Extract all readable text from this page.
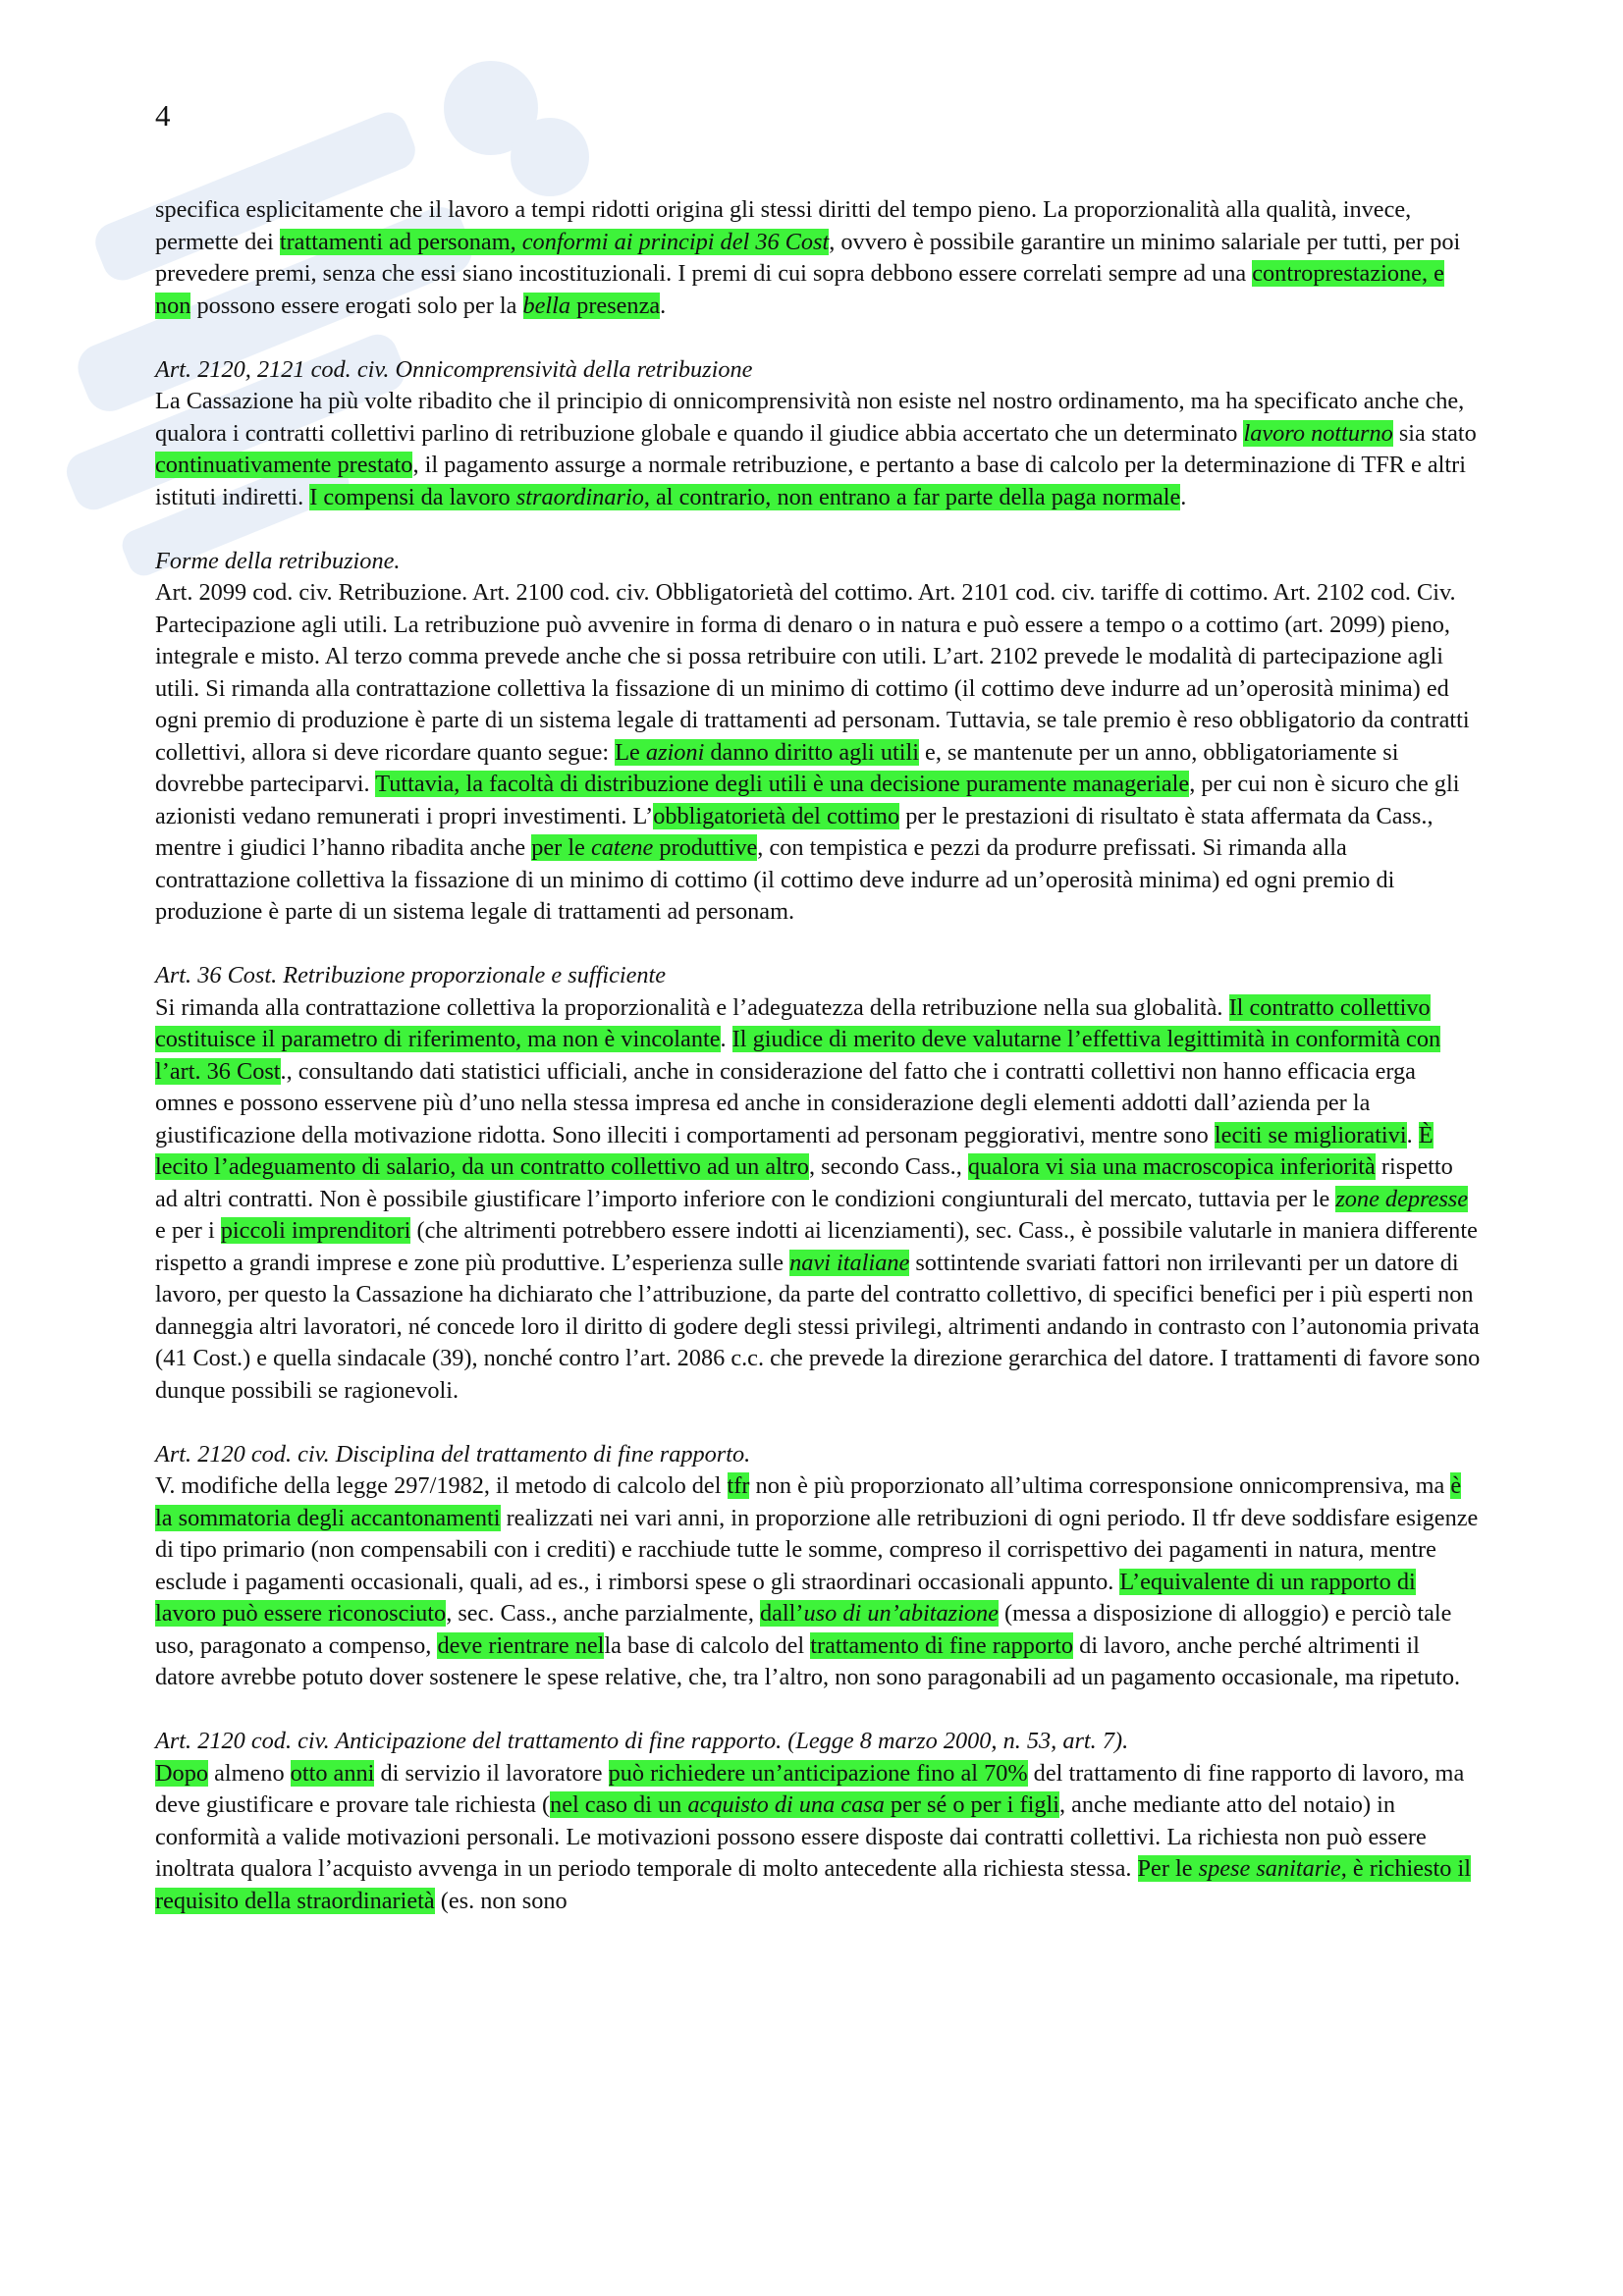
4

specifica esplicitamente che il lavoro a tempi ridotti origina gli stessi diritti del tempo pieno. La proporzionalità alla qualità, invece, permette dei trattamenti ad personam, conformi ai principi del 36 Cost, ovvero è possibile garantire un minimo salariale per tutti, per poi prevedere premi, senza che essi siano incostituzionali. I premi di cui sopra debbono essere correlati sempre ad una controprestazione, e non possono essere erogati solo per la bella presenza.

Art. 2120, 2121 cod. civ. Onnicomprensività della retribuzione

La Cassazione ha più volte ribadito che il principio di onnicomprensività non esiste nel nostro ordinamento, ma ha specificato anche che, qualora i contratti collettivi parlino di retribuzione globale e quando il giudice abbia accertato che un determinato lavoro notturno sia stato continuativamente prestato, il pagamento assurge a normale retribuzione, e pertanto a base di calcolo per la determinazione di TFR e altri istituti indiretti. I compensi da lavoro straordinario, al contrario, non entrano a far parte della paga normale.

Forme della retribuzione.

Art. 2099 cod. civ. Retribuzione. Art. 2100 cod. civ. Obbligatorietà del cottimo. Art. 2101 cod. civ. tariffe di cottimo. Art. 2102 cod. Civ. Partecipazione agli utili. La retribuzione può avvenire in forma di denaro o in natura e può essere a tempo o a cottimo (art. 2099) pieno, integrale e misto. Al terzo comma prevede anche che si possa retribuire con utili. L’art. 2102 prevede le modalità di partecipazione agli utili. Si rimanda alla contrattazione collettiva la fissazione di un minimo di cottimo (il cottimo deve indurre ad un’operosità minima) ed ogni premio di produzione è parte di un sistema legale di trattamenti ad personam. Tuttavia, se tale premio è reso obbligatorio da contratti collettivi, allora si deve ricordare quanto segue: Le azioni danno diritto agli utili e, se mantenute per un anno, obbligatoriamente si dovrebbe parteciparvi. Tuttavia, la facoltà di distribuzione degli utili è una decisione puramente manageriale, per cui non è sicuro che gli azionisti vedano remunerati i propri investimenti. L’obbligatorietà del cottimo per le prestazioni di risultato è stata affermata da Cass., mentre i giudici l’hanno ribadita anche per le catene produttive, con tempistica e pezzi da produrre prefissati. Si rimanda alla contrattazione collettiva la fissazione di un minimo di cottimo (il cottimo deve indurre ad un’operosità minima) ed ogni premio di produzione è parte di un sistema legale di trattamenti ad personam.

Art. 36 Cost. Retribuzione proporzionale e sufficiente

Si rimanda alla contrattazione collettiva la proporzionalità e l’adeguatezza della retribuzione nella sua globalità. Il contratto collettivo costituisce il parametro di riferimento, ma non è vincolante. Il giudice di merito deve valutarne l’effettiva legittimità in conformità con l’art. 36 Cost., consultando dati statistici ufficiali, anche in considerazione del fatto che i contratti collettivi non hanno efficacia erga omnes e possono esservene più d’uno nella stessa impresa ed anche in considerazione degli elementi addotti dall’azienda per la giustificazione della motivazione ridotta. Sono illeciti i comportamenti ad personam peggiorativi, mentre sono leciti se migliorativi. È lecito l’adeguamento di salario, da un contratto collettivo ad un altro, secondo Cass., qualora vi sia una macroscopica inferiorità rispetto ad altri contratti. Non è possibile giustificare l’importo inferiore con le condizioni congiunturali del mercato, tuttavia per le zone depresse e per i piccoli imprenditori (che altrimenti potrebbero essere indotti ai licenziamenti), sec. Cass., è possibile valutarle in maniera differente rispetto a grandi imprese e zone più produttive. L’esperienza sulle navi italiane sottintende svariati fattori non irrilevanti per un datore di lavoro, per questo la Cassazione ha dichiarato che l’attribuzione, da parte del contratto collettivo, di specifici benefici per i più esperti non danneggia altri lavoratori, né concede loro il diritto di godere degli stessi privilegi, altrimenti andando in contrasto con l’autonomia privata (41 Cost.) e quella sindacale (39), nonché contro l’art. 2086 c.c. che prevede la direzione gerarchica del datore. I trattamenti di favore sono dunque possibili se ragionevoli.

Art. 2120 cod. civ. Disciplina del trattamento di fine rapporto.

V. modifiche della legge 297/1982, il metodo di calcolo del tfr non è più proporzionato all’ultima corresponsione onnicomprensiva, ma è la sommatoria degli accantonamenti realizzati nei vari anni, in proporzione alle retribuzioni di ogni periodo. Il tfr deve soddisfare esigenze di tipo primario (non compensabili con i crediti) e racchiude tutte le somme, compreso il corrispettivo dei pagamenti in natura, mentre esclude i pagamenti occasionali, quali, ad es., i rimborsi spese o gli straordinari occasionali appunto. L’equivalente di un rapporto di lavoro può essere riconosciuto, sec. Cass., anche parzialmente, dall’uso di un’abitazione (messa a disposizione di alloggio) e perciò tale uso, paragonato a compenso, deve rientrare nella base di calcolo del trattamento di fine rapporto di lavoro, anche perché altrimenti il datore avrebbe potuto dover sostenere le spese relative, che, tra l’altro, non sono paragonabili ad un pagamento occasionale, ma ripetuto.

Art. 2120 cod. civ. Anticipazione del trattamento di fine rapporto. (Legge 8 marzo 2000, n. 53, art. 7).

Dopo almeno otto anni di servizio il lavoratore può richiedere un’anticipazione fino al 70% del trattamento di fine rapporto di lavoro, ma deve giustificare e provare tale richiesta (nel caso di un acquisto di una casa per sé o per i figli, anche mediante atto del notaio) in conformità a valide motivazioni personali. Le motivazioni possono essere disposte dai contratti collettivi. La richiesta non può essere inoltrata qualora l’acquisto avvenga in un periodo temporale di molto antecedente alla richiesta stessa. Per le spese sanitarie, è richiesto il requisito della straordinarietà (es. non sono
